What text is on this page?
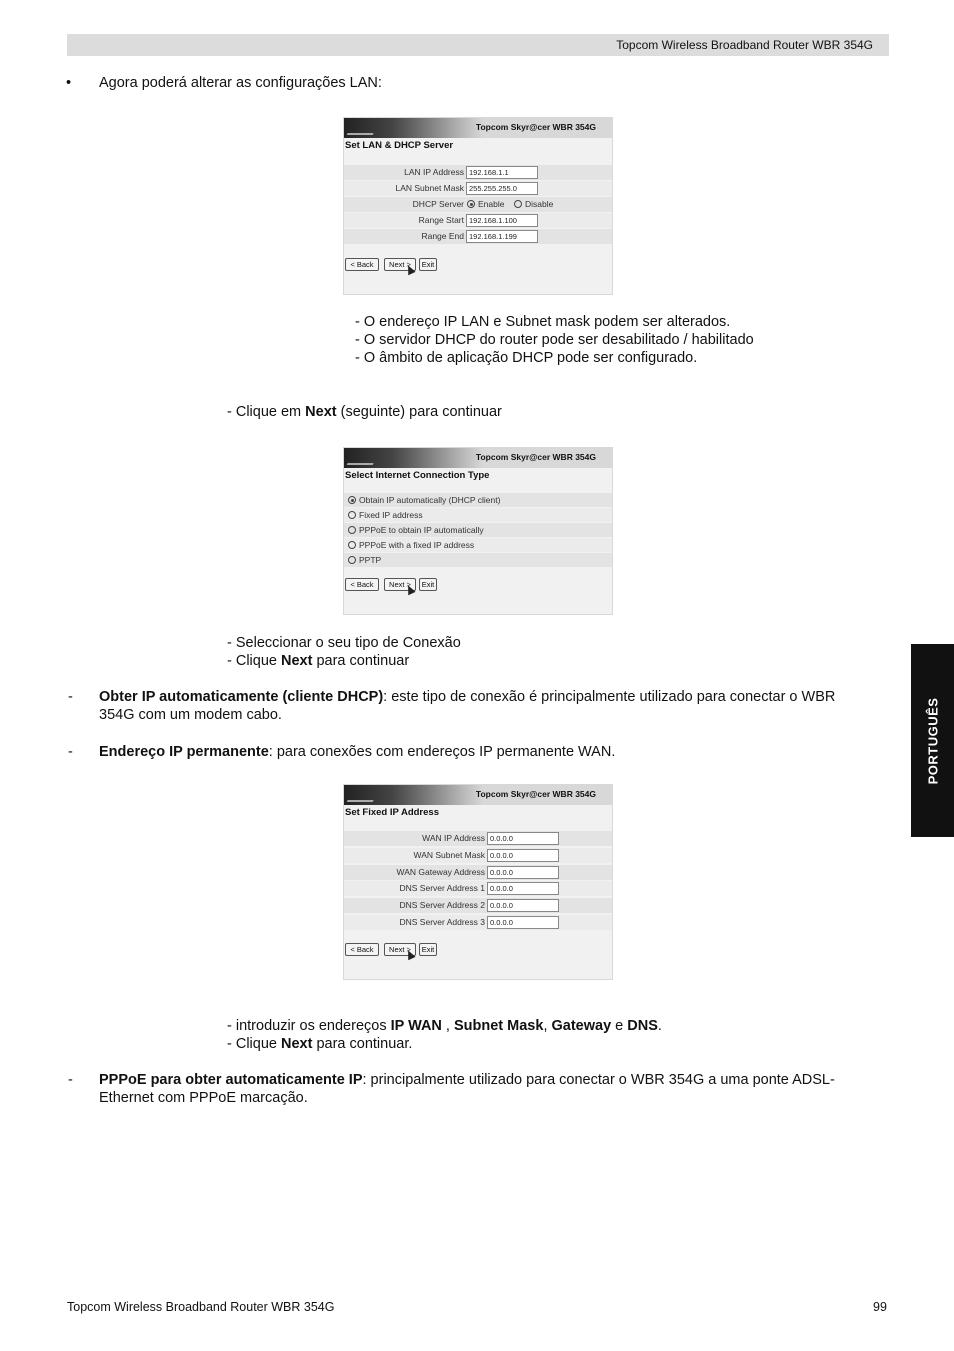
Topcom Wireless Broadband Router WBR 354G
PORTUGUÊS
• Agora poderá alterar as configurações LAN:
Topcom Skyr@cer WBR 354G
Set LAN & DHCP Server
LAN IP Address 192.168.1.1
LAN Subnet Mask 255.255.255.0
DHCP Server	Enable	Disable
Range Start 192.168.1.100
Range End 192.168.1.199
< Back	Next >	Exit
- O endereço IP LAN e Subnet mask podem ser alterados.
- O servidor DHCP do router pode ser desabilitado / habilitado
- O âmbito de aplicação DHCP pode ser configurado.
- Clique em Next (seguinte) para continuar
Topcom Skyr@cer WBR 354G
Select Internet Connection Type
Obtain IP automatically (DHCP client)
Fixed IP address
PPPoE to obtain IP automatically
PPPoE with a fixed IP address
PPTP
< Back	Next >	Exit
- Seleccionar o seu tipo de Conexão
- Clique Next para continuar
- Obter IP automaticamente (cliente DHCP): este tipo de conexão é principalmente utilizado para conectar o WBR 354G com um modem cabo.
- Endereço IP permanente: para conexões com endereços IP permanente WAN.
Topcom Skyr@cer WBR 354G
Set Fixed IP Address
WAN IP Address 0.0.0.0
WAN Subnet Mask 0.0.0.0
WAN Gateway Address 0.0.0.0
DNS Server Address 1 0.0.0.0
DNS Server Address 2 0.0.0.0
DNS Server Address 3 0.0.0.0
< Back	Next >	Exit
- introduzir os endereços IP WAN , Subnet Mask, Gateway e DNS.
- Clique Next para continuar.
- PPPoE para obter automaticamente IP: principalmente utilizado para conectar o WBR 354G a uma ponte ADSL-Ethernet com PPPoE marcação.
Topcom Wireless Broadband Router WBR 354G	99
